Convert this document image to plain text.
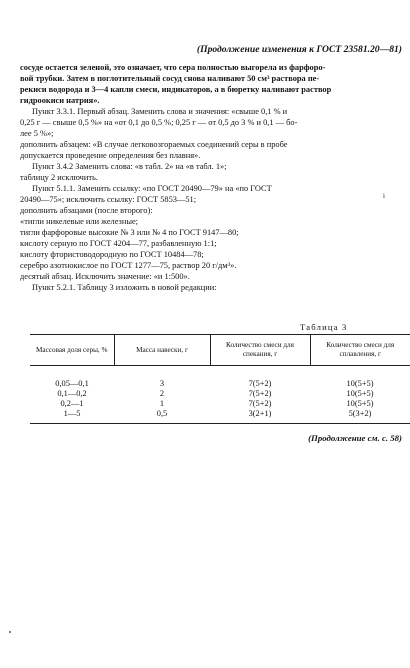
(Продолжение изменения к ГОСТ 23581.20—81)
сосуде остается зеленой, это означает, что сера полностью выгорела из фарфоро-
вой трубки. Затем в поглотительный сосуд снова наливают 50 см³ раствора пе-
рекиси водорода и 3—4 капли смеси, индикаторов, а в бюретку наливают раствор
гидроокиси натрия».
Пункт 3.3.1. Первый абзац. Заменить слова и значения: «свыше 0,1 % и
0,25 г — свыше 0,5 %» на «от 0,1 до 0,5 %; 0,25 г — от 0,5 до 3 % и 0,1 — бо-
лее 5 %»;
дополнить абзацем: «В случае легковозгораемых соединений серы в пробе
допускается проведение определения без плавня».
Пункт 3.4.2 Заменить слова: «в табл. 2» на «в табл. 1»;
таблицу 2 исключить.
Пункт 5.1.1. Заменить ссылку: «по ГОСТ 20490—79» на «по ГОСТ
20490—75»; исключить ссылку: ГОСТ 5853—51;
дополнить абзацами (после второго):
«тигли никелевые или железные;
тигли фарфоровые высокие № 3 или № 4 по ГОСТ 9147—80;
кислоту серную по ГОСТ 4204—77, разбавленную 1:1;
кислоту фтористоводородную по ГОСТ 10484—78;
серебро азотнокислое по ГОСТ 1277—75, раствор 20 г/дм³».
десятый абзац. Исключить значение: «и 1:500».
Пункт 5.2.1. Таблицу 3 изложить в новой редакции:
i
Таблица 3
Массовая доля серы, %	Масса навески, г	Количество смеси для спекания, г	Количество смеси для сплавления, г
0,05—0,1	3	7(5+2)	10(5+5)
0,1—0,2	2	7(5+2)	10(5+5)
0,2—1	1	7(5+2)	10(5+5)
1—5	0,5	3(2+1)	5(3+2)
(Продолжение см. с. 58)
